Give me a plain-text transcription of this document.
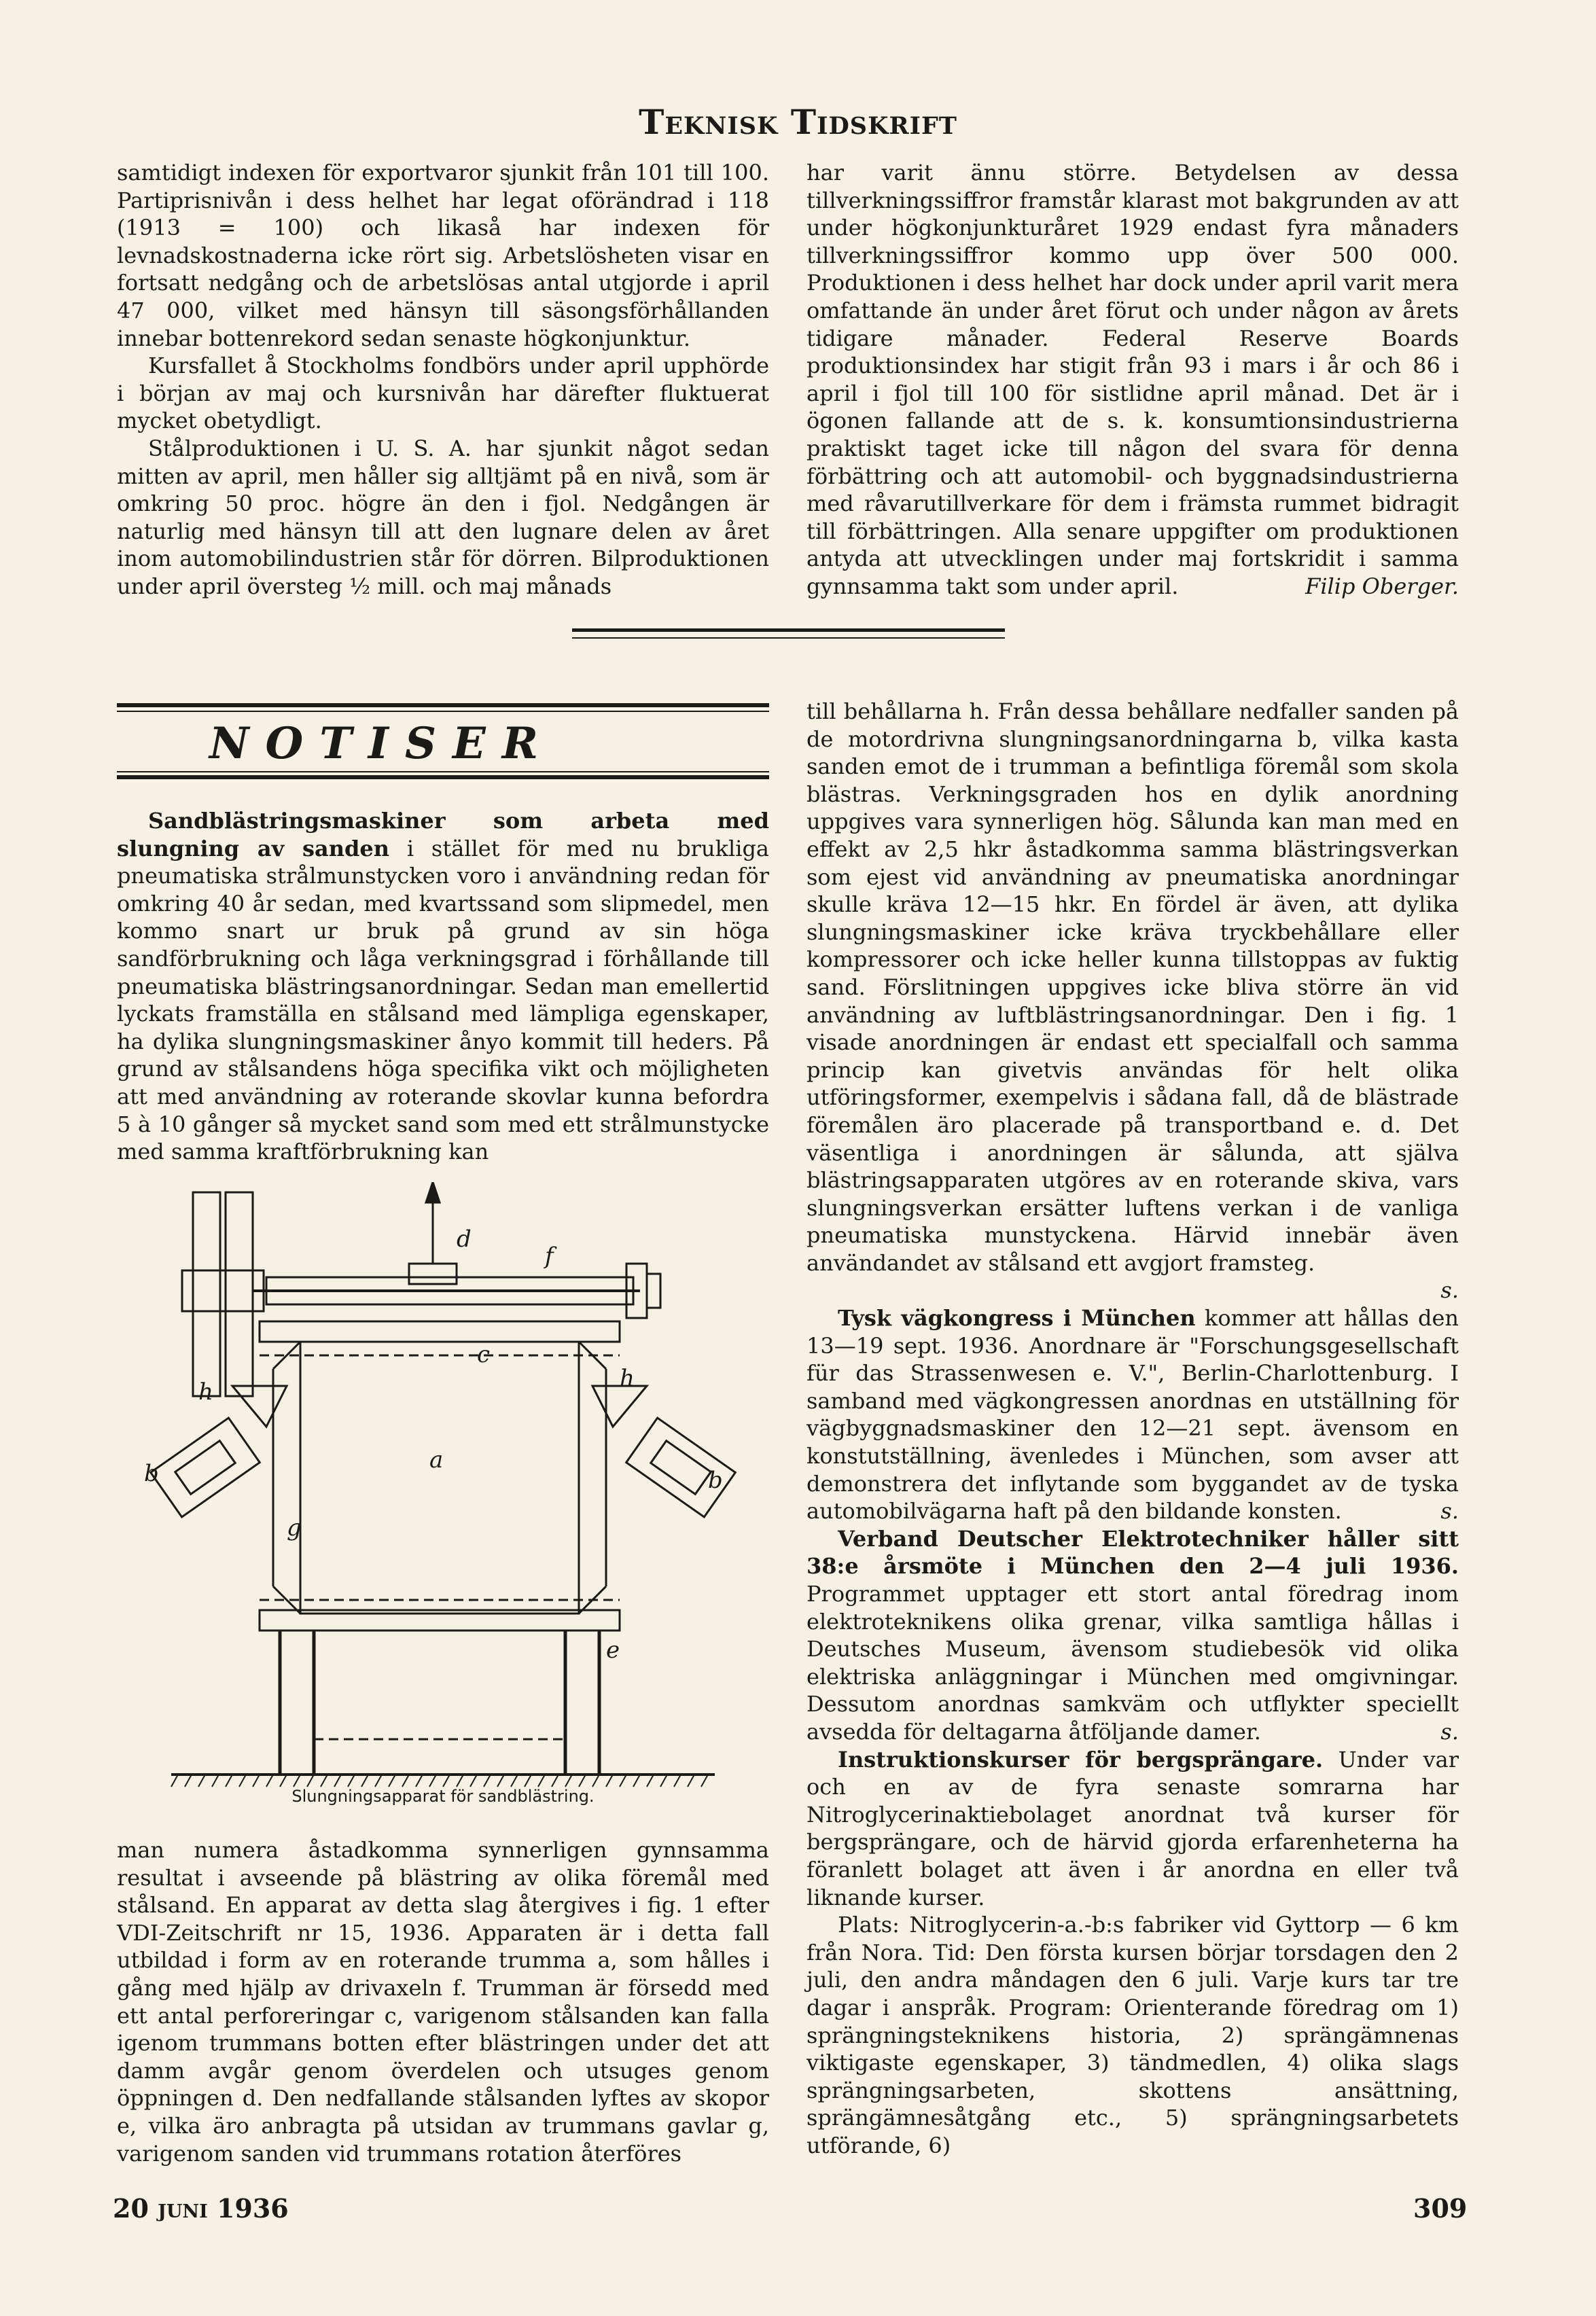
Teknisk Tidskrift

samtidigt indexen för exportvaror sjunkit från 101 till 100. Partiprisnivån i dess helhet har legat oförändrad i 118 (1913 = 100) och likaså har indexen för levnadskostnaderna icke rört sig. Arbetslösheten visar en fortsatt nedgång och de arbetslösas antal utgjorde i april 47 000, vilket med hänsyn till säsongsförhållanden innebar bottenrekord sedan senaste högkonjunktur.

Kursfallet å Stockholms fondbörs under april upphörde i början av maj och kursnivån har därefter fluktuerat mycket obetydligt.

Stålproduktionen i U. S. A. har sjunkit något sedan mitten av april, men håller sig alltjämt på en nivå, som är omkring 50 proc. högre än den i fjol. Nedgången är naturlig med hänsyn till att den lugnare delen av året inom automobilindustrien står för dörren. Bilproduktionen under april översteg ½ mill. och maj månads

har varit ännu större. Betydelsen av dessa tillverkningssiffror framstår klarast mot bakgrunden av att under högkonjunkturåret 1929 endast fyra månaders tillverkningssiffror kommo upp över 500 000. Produktionen i dess helhet har dock under april varit mera omfattande än under året förut och under någon av årets tidigare månader. Federal Reserve Boards produktionsindex har stigit från 93 i mars i år och 86 i april i fjol till 100 för sistlidne april månad. Det är i ögonen fallande att de s. k. konsumtionsindustrierna praktiskt taget icke till någon del svara för denna förbättring och att automobil- och byggnadsindustrierna med råvarutillverkare för dem i främsta rummet bidragit till förbättringen. Alla senare uppgifter om produktionen antyda att utvecklingen under maj fortskridit i samma gynnsamma takt som under april.	Filip Oberger.

NOTISER

Sandblästringsmaskiner som arbeta med slungning av sanden i stället för med nu brukliga pneumatiska strålmunstycken voro i användning redan för omkring 40 år sedan, med kvartssand som slipmedel, men kommo snart ur bruk på grund av sin höga sandförbrukning och låga verkningsgrad i förhållande till pneumatiska blästringsanordningar. Sedan man emellertid lyckats framställa en stålsand med lämpliga egenskaper, ha dylika slungningsmaskiner ånyo kommit till heders. På grund av stålsandens höga specifika vikt och möjligheten att med användning av roterande skovlar kunna befordra 5 à 10 gånger så mycket sand som med ett strålmunstycke med samma kraftförbrukning kan

d
f
c
h	h
a
b	b
g
e
Slungningsapparat för sandblästring.

man numera åstadkomma synnerligen gynnsamma resultat i avseende på blästring av olika föremål med stålsand. En apparat av detta slag återgives i fig. 1 efter VDI-Zeitschrift nr 15, 1936. Apparaten är i detta fall utbildad i form av en roterande trumma a, som hålles i gång med hjälp av drivaxeln f. Trumman är försedd med ett antal perforeringar c, varigenom stålsanden kan falla igenom trummans botten efter blästringen under det att damm avgår genom överdelen och utsuges genom öppningen d. Den nedfallande stålsanden lyftes av skopor e, vilka äro anbragta på utsidan av trummans gavlar g, varigenom sanden vid trummans rotation återföres

till behållarna h. Från dessa behållare nedfaller sanden på de motordrivna slungningsanordningarna b, vilka kasta sanden emot de i trumman a befintliga föremål som skola blästras. Verkningsgraden hos en dylik anordning uppgives vara synnerligen hög. Sålunda kan man med en effekt av 2,5 hkr åstadkomma samma blästringsverkan som ejest vid användning av pneumatiska anordningar skulle kräva 12—15 hkr. En fördel är även, att dylika slungningsmaskiner icke kräva tryckbehållare eller kompressorer och icke heller kunna tillstoppas av fuktig sand. Förslitningen uppgives icke bliva större än vid användning av luftblästringsanordningar. Den i fig. 1 visade anordningen är endast ett specialfall och samma princip kan givetvis användas för helt olika utföringsformer, exempelvis i sådana fall, då de blästrade föremålen äro placerade på transportband e. d. Det väsentliga i anordningen är sålunda, att själva blästringsapparaten utgöres av en roterande skiva, vars slungningsverkan ersätter luftens verkan i de vanliga pneumatiska munstyckena. Härvid innebär även användandet av stålsand ett avgjort framsteg.

s.

Tysk vägkongress i München kommer att hållas den 13—19 sept. 1936. Anordnare är "Forschungsgesellschaft für das Strassenwesen e. V.", Berlin-Charlottenburg. I samband med vägkongressen anordnas en utställning för vägbyggnadsmaskiner den 12—21 sept. ävensom en konstutställning, ävenledes i München, som avser att demonstrera det inflytande som byggandet av de tyska automobilvägarna haft på den bildande konsten.	s.

Verband Deutscher Elektrotechniker håller sitt 38:e årsmöte i München den 2—4 juli 1936. Programmet upptager ett stort antal föredrag inom elektroteknikens olika grenar, vilka samtliga hållas i Deutsches Museum, ävensom studiebesök vid olika elektriska anläggningar i München med omgivningar. Dessutom anordnas samkväm och utflykter speciellt avsedda för deltagarna åtföljande damer.	s.

Instruktionskurser för bergsprängare. Under var och en av de fyra senaste somrarna har Nitroglycerinaktiebolaget anordnat två kurser för bergsprängare, och de härvid gjorda erfarenheterna ha föranlett bolaget att även i år anordna en eller två liknande kurser.

Plats: Nitroglycerin-a.-b:s fabriker vid Gyttorp — 6 km från Nora. Tid: Den första kursen börjar torsdagen den 2 juli, den andra måndagen den 6 juli. Varje kurs tar tre dagar i anspråk. Program: Orienterande föredrag om 1) sprängningsteknikens historia, 2) sprängämnenas viktigaste egenskaper, 3) tändmedlen, 4) olika slags sprängningsarbeten, skottens ansättning, sprängämnesåtgång etc., 5) sprängningsarbetets utförande, 6)

20 juni 1936	309
